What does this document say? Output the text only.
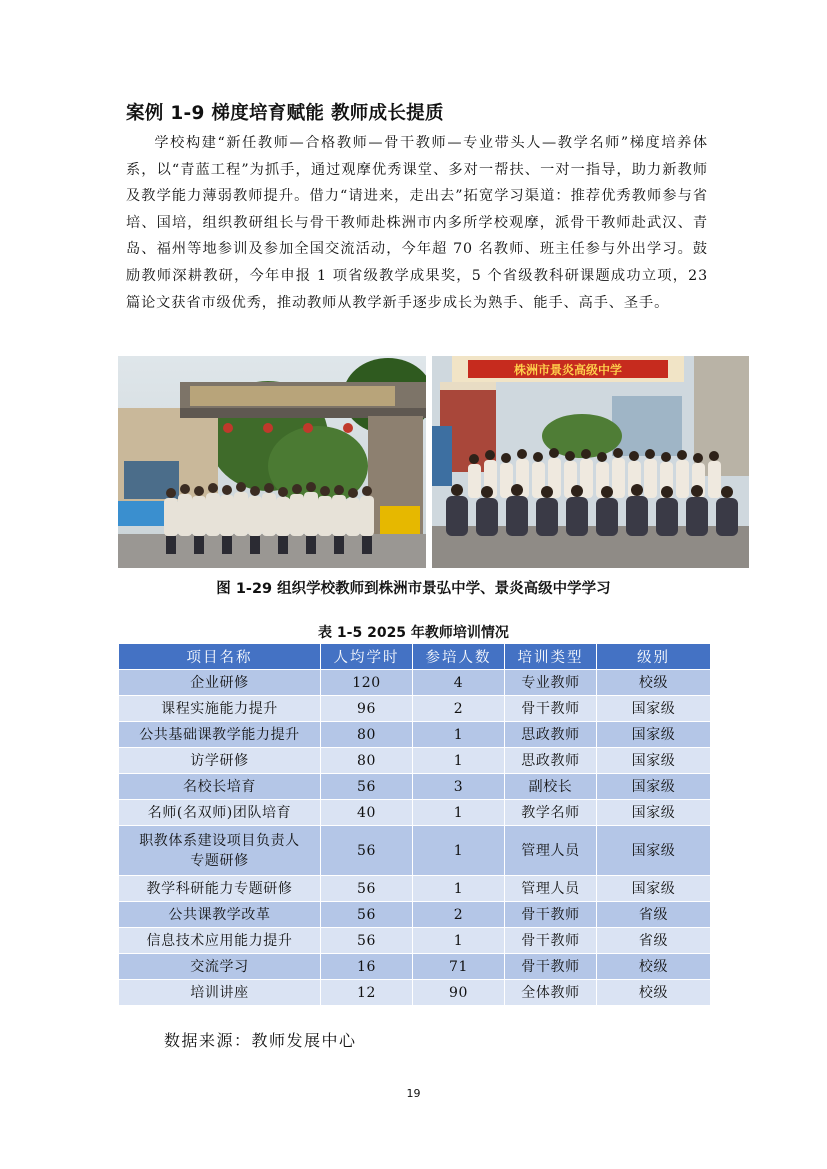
案例 1-9 梯度培育赋能 教师成长提质

学校构建“新任教师—合格教师—骨干教师—专业带头人—教学名师”梯度培养体系，以“青蓝工程”为抓手，通过观摩优秀课堂、多对一帮扶、一对一指导，助力新教师及教学能力薄弱教师提升。借力“请进来，走出去”拓宽学习渠道：推荐优秀教师参与省培、国培，组织教研组长与骨干教师赴株洲市内多所学校观摩，派骨干教师赴武汉、青岛、福州等地参训及参加全国交流活动，今年超 70 名教师、班主任参与外出学习。鼓励教师深耕教研，今年申报 1 项省级教学成果奖，5 个省级教科研课题成功立项，23 篇论文获省市级优秀，推动教师从教学新手逐步成长为熟手、能手、高手、圣手。

株洲市景炎高级中学
图 1-29 组织学校教师到株洲市景弘中学、景炎高级中学学习
表 1-5 2025 年教师培训情况
项目名称	人均学时	参培人数	培训类型	级别
企业研修	120	4	专业教师	校级
课程实施能力提升	96	2	骨干教师	国家级
公共基础课教学能力提升	80	1	思政教师	国家级
访学研修	80	1	思政教师	国家级
名校长培育	56	3	副校长	国家级
名师(名双师)团队培育	40	1	教学名师	国家级
职教体系建设项目负责人
专题研修	56	1	管理人员	国家级
教学科研能力专题研修	56	1	管理人员	国家级
公共课教学改革	56	2	骨干教师	省级
信息技术应用能力提升	56	1	骨干教师	省级
交流学习	16	71	骨干教师	校级
培训讲座	12	90	全体教师	校级
数据来源：教师发展中心
19
